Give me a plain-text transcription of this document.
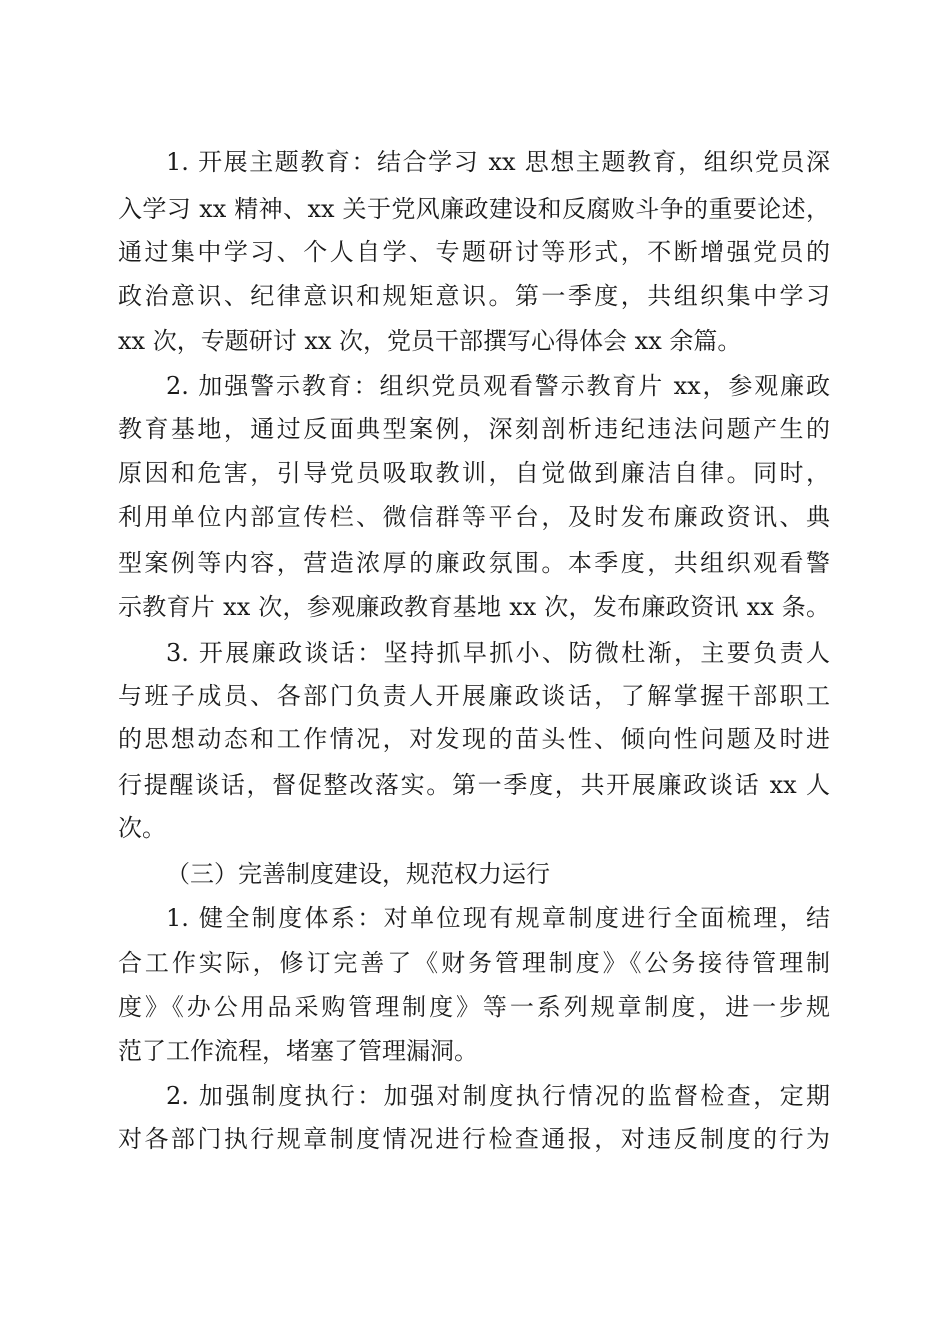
1. 开展主题教育：结合学习 xx 思想主题教育，组织党员深
入学习 xx 精神、xx 关于党风廉政建设和反腐败斗争的重要论述，
通过集中学习、个人自学、专题研讨等形式，不断增强党员的
政治意识、纪律意识和规矩意识。第一季度，共组织集中学习
xx 次，专题研讨 xx 次，党员干部撰写心得体会 xx 余篇。
2. 加强警示教育：组织党员观看警示教育片 xx，参观廉政
教育基地，通过反面典型案例，深刻剖析违纪违法问题产生的
原因和危害，引导党员吸取教训，自觉做到廉洁自律。同时，
利用单位内部宣传栏、微信群等平台，及时发布廉政资讯、典
型案例等内容，营造浓厚的廉政氛围。本季度，共组织观看警
示教育片 xx 次，参观廉政教育基地 xx 次，发布廉政资讯 xx 条。
3. 开展廉政谈话：坚持抓早抓小、防微杜渐，主要负责人
与班子成员、各部门负责人开展廉政谈话，了解掌握干部职工
的思想动态和工作情况，对发现的苗头性、倾向性问题及时进
行提醒谈话，督促整改落实。第一季度，共开展廉政谈话 xx 人
次。
（三）完善制度建设，规范权力运行
1. 健全制度体系：对单位现有规章制度进行全面梳理，结
合工作实际，修订完善了《财务管理制度》《公务接待管理制
度》《办公用品采购管理制度》等一系列规章制度，进一步规
范了工作流程，堵塞了管理漏洞。
2. 加强制度执行：加强对制度执行情况的监督检查，定期
对各部门执行规章制度情况进行检查通报，对违反制度的行为
